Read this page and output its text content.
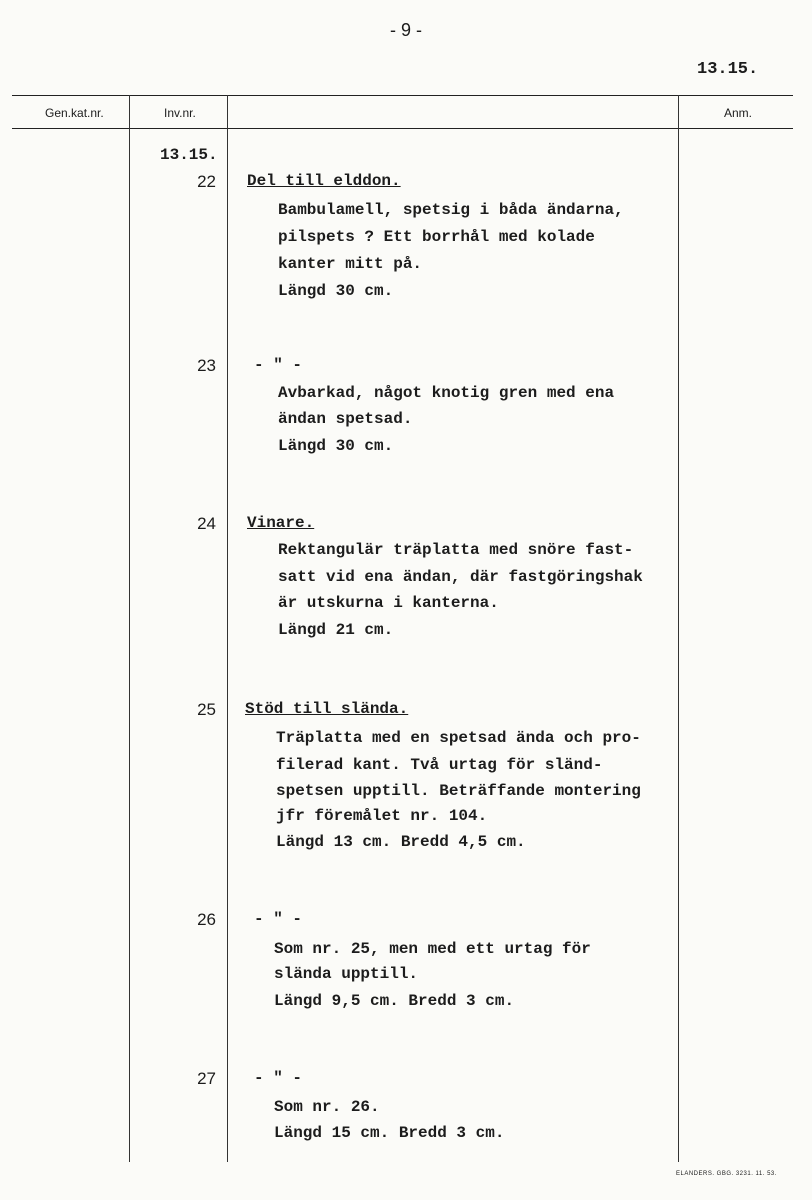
- 9 -
13.15.
Gen.kat.nr.	Inv.nr.	Anm.
13.15.
22 Del till elddon.
Bambulamell, spetsig i båda ändarna,
pilspets ? Ett borrhål med kolade
kanter mitt på.
Längd 30 cm.
23 - " -
Avbarkad, något knotig gren med ena
ändan spetsad.
Längd 30 cm.
24 Vinare.
Rektangulär träplatta med snöre fast-
satt vid ena ändan, där fastgöringshak
är utskurna i kanterna.
Längd 21 cm.
25 Stöd till slända.
Träplatta med en spetsad ända och pro-
filerad kant. Två urtag för sländ-
spetsen upptill. Beträffande montering
jfr föremålet nr. 104.
Längd 13 cm. Bredd 4,5 cm.
26 - " -
Som nr. 25, men med ett urtag för
slända upptill.
Längd 9,5 cm. Bredd 3 cm.
27 - " -
Som nr. 26.
Längd 15 cm. Bredd 3 cm.
ELANDERS. GBG. 3231. 11. 53.
